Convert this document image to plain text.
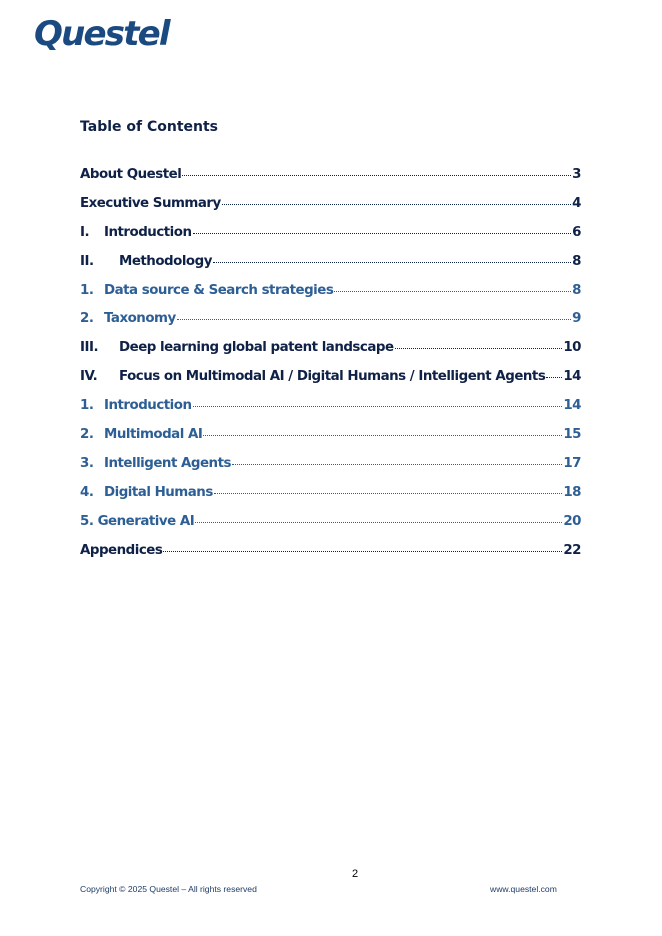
Questel
Table of Contents
About Questel	3
Executive Summary	4
I.	Introduction	6
II.	Methodology	8
1. Data source & Search strategies	8
2. Taxonomy	9
III.	Deep learning global patent landscape	10
IV.	Focus on Multimodal AI / Digital Humans / Intelligent Agents 14
1. Introduction	14
2. Multimodal AI	15
3. Intelligent Agents	17
4. Digital Humans	18
5. Generative AI	20
Appendices	22
2
Copyright © 2025 Questel – All rights reserved	www.questel.com
